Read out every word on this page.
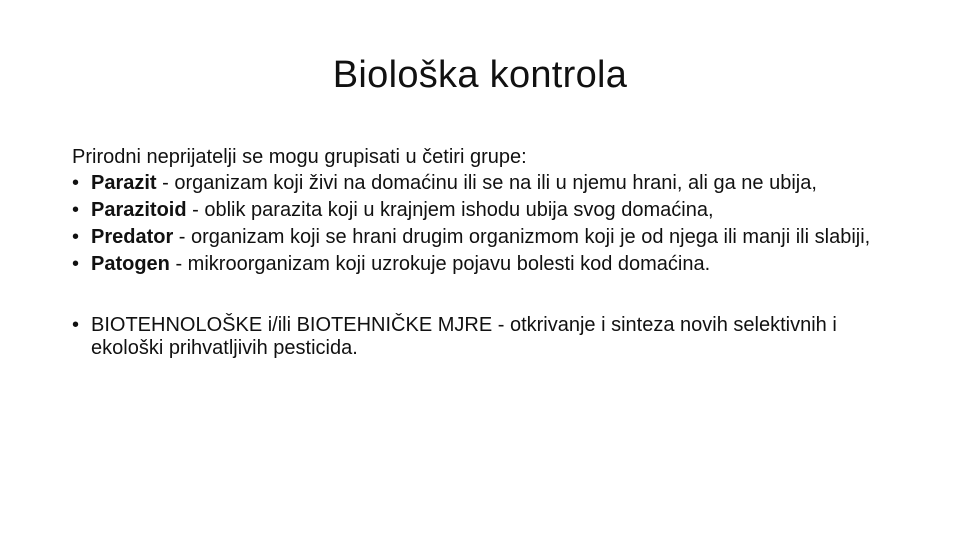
Biološka kontrola

Prirodni neprijatelji se mogu grupisati u četiri grupe:

• Parazit - organizam koji živi na domaćinu ili se na ili u njemu hrani, ali ga ne ubija,
• Parazitoid - oblik parazita koji u krajnjem ishodu ubija svog domaćina,
• Predator - organizam koji se hrani drugim organizmom koji je od njega ili manji ili slabiji,
• Patogen - mikroorganizam koji uzrokuje pojavu bolesti kod domaćina.
• BIOTEHNOLOŠKE i/ili BIOTEHNIČKE MJRE - otkrivanje i sinteza novih selektivnih i ekološki prihvatljivih pesticida.
